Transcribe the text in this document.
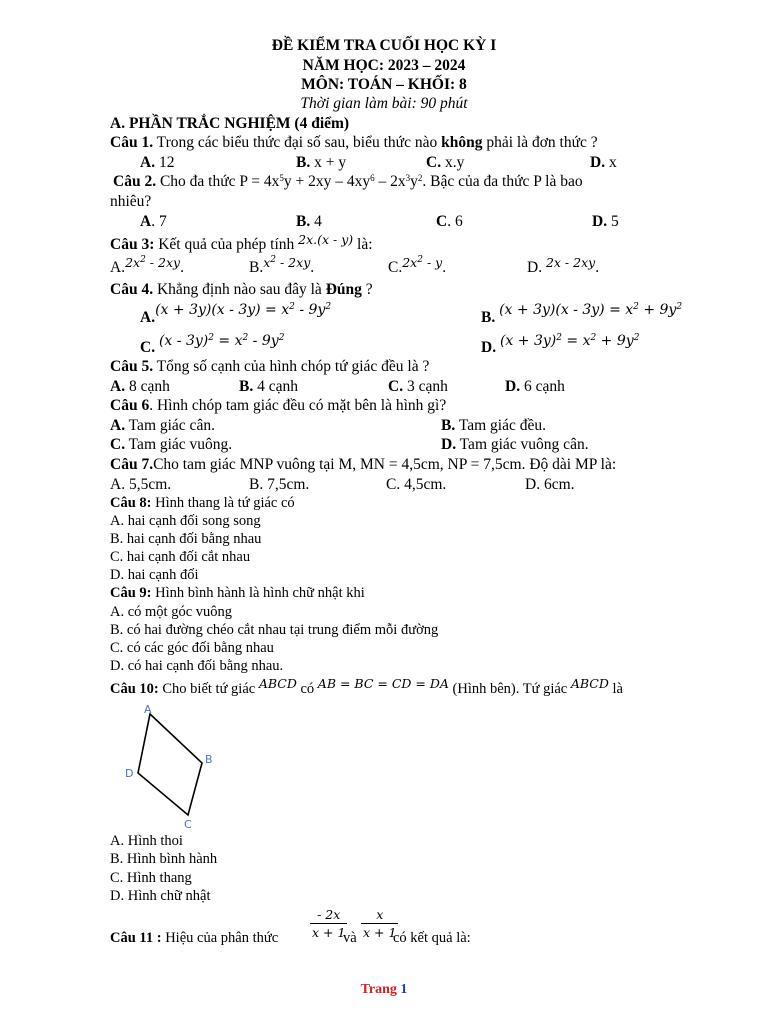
ĐỀ KIỂM TRA CUỐI HỌC KỲ I
NĂM HỌC: 2023 – 2024
MÔN: TOÁN – KHỐI: 8
Thời gian làm bài: 90 phút
A. PHẦN TRẮC NGHIỆM (4 điểm)
Câu 1. Trong các biểu thức đại số sau, biểu thức nào không phải là đơn thức ?
A. 12	B. x + y	C. x.y	D. x
Câu 2. Cho đa thức $P = 4x^5y + 2xy - 4xy^6 - 2x^3y^2$. Bậc của đa thức P là bao
nhiêu?
A. 7	B. 4	C. 6	D. 5
Câu 3: Kết quả của phép tính 2x.(x - y) là:
$A.2x^2 - 2xy$.	$B.x^2 - 2xy$.	$C.2x^2$ - y.	D. 2x - 2xy.
Câu 4. Khẳng định nào sau đây là Đúng ?
$A.(x + 3y)(x - 3y) = x^2 - 9y^2$
B. $(x + 3y)(x - 3y) = x^2 + 9y^2$
C. $(x - 3y)^2 = x^2 - 9y^2$
D. $(x + 3y)^2 = x^2 + 9y^2$
Câu 5. Tổng số cạnh của hình chóp tứ giác đều là ?
A. 8 cạnh	B. 4 cạnh	C. 3 cạnh	D. 6 cạnh
Câu 6. Hình chóp tam giác đều có mặt bên là hình gì?
A. Tam giác cân.	B. Tam giác đều.
C. Tam giác vuông.	D. Tam giác vuông cân.
Câu 7.Cho tam giác MNP vuông tại M, MN = 4,5cm, NP = 7,5cm. Độ dài MP là:
A. 5,5cm.	B. 7,5cm.	C. 4,5cm.	D. 6cm.
Câu 8: Hình thang là tứ giác có
A. hai cạnh đối song song
B. hai cạnh đối bằng nhau
C. hai cạnh đối cắt nhau
D. hai cạnh đối
Câu 9: Hình bình hành là hình chữ nhật khi
A. có một góc vuông
B. có hai đường chéo cắt nhau tại trung điểm mỗi đường
C. có các góc đối bằng nhau
D. có hai cạnh đối bằng nhau.
Câu 10: Cho biết tứ giác ABCD có AB = BC = CD = DA (Hình bên). Tứ giác ABCD là
A
B
C
D
A. Hình thoi
B. Hình bình hành
C. Hình thang
D. Hình chữ nhật
Câu 11 : Hiệu của phân thức	$\frac{- 2x}{x + 1}$
và $\frac{x}{x + 1}$
có kết quả là:
Trang 1
